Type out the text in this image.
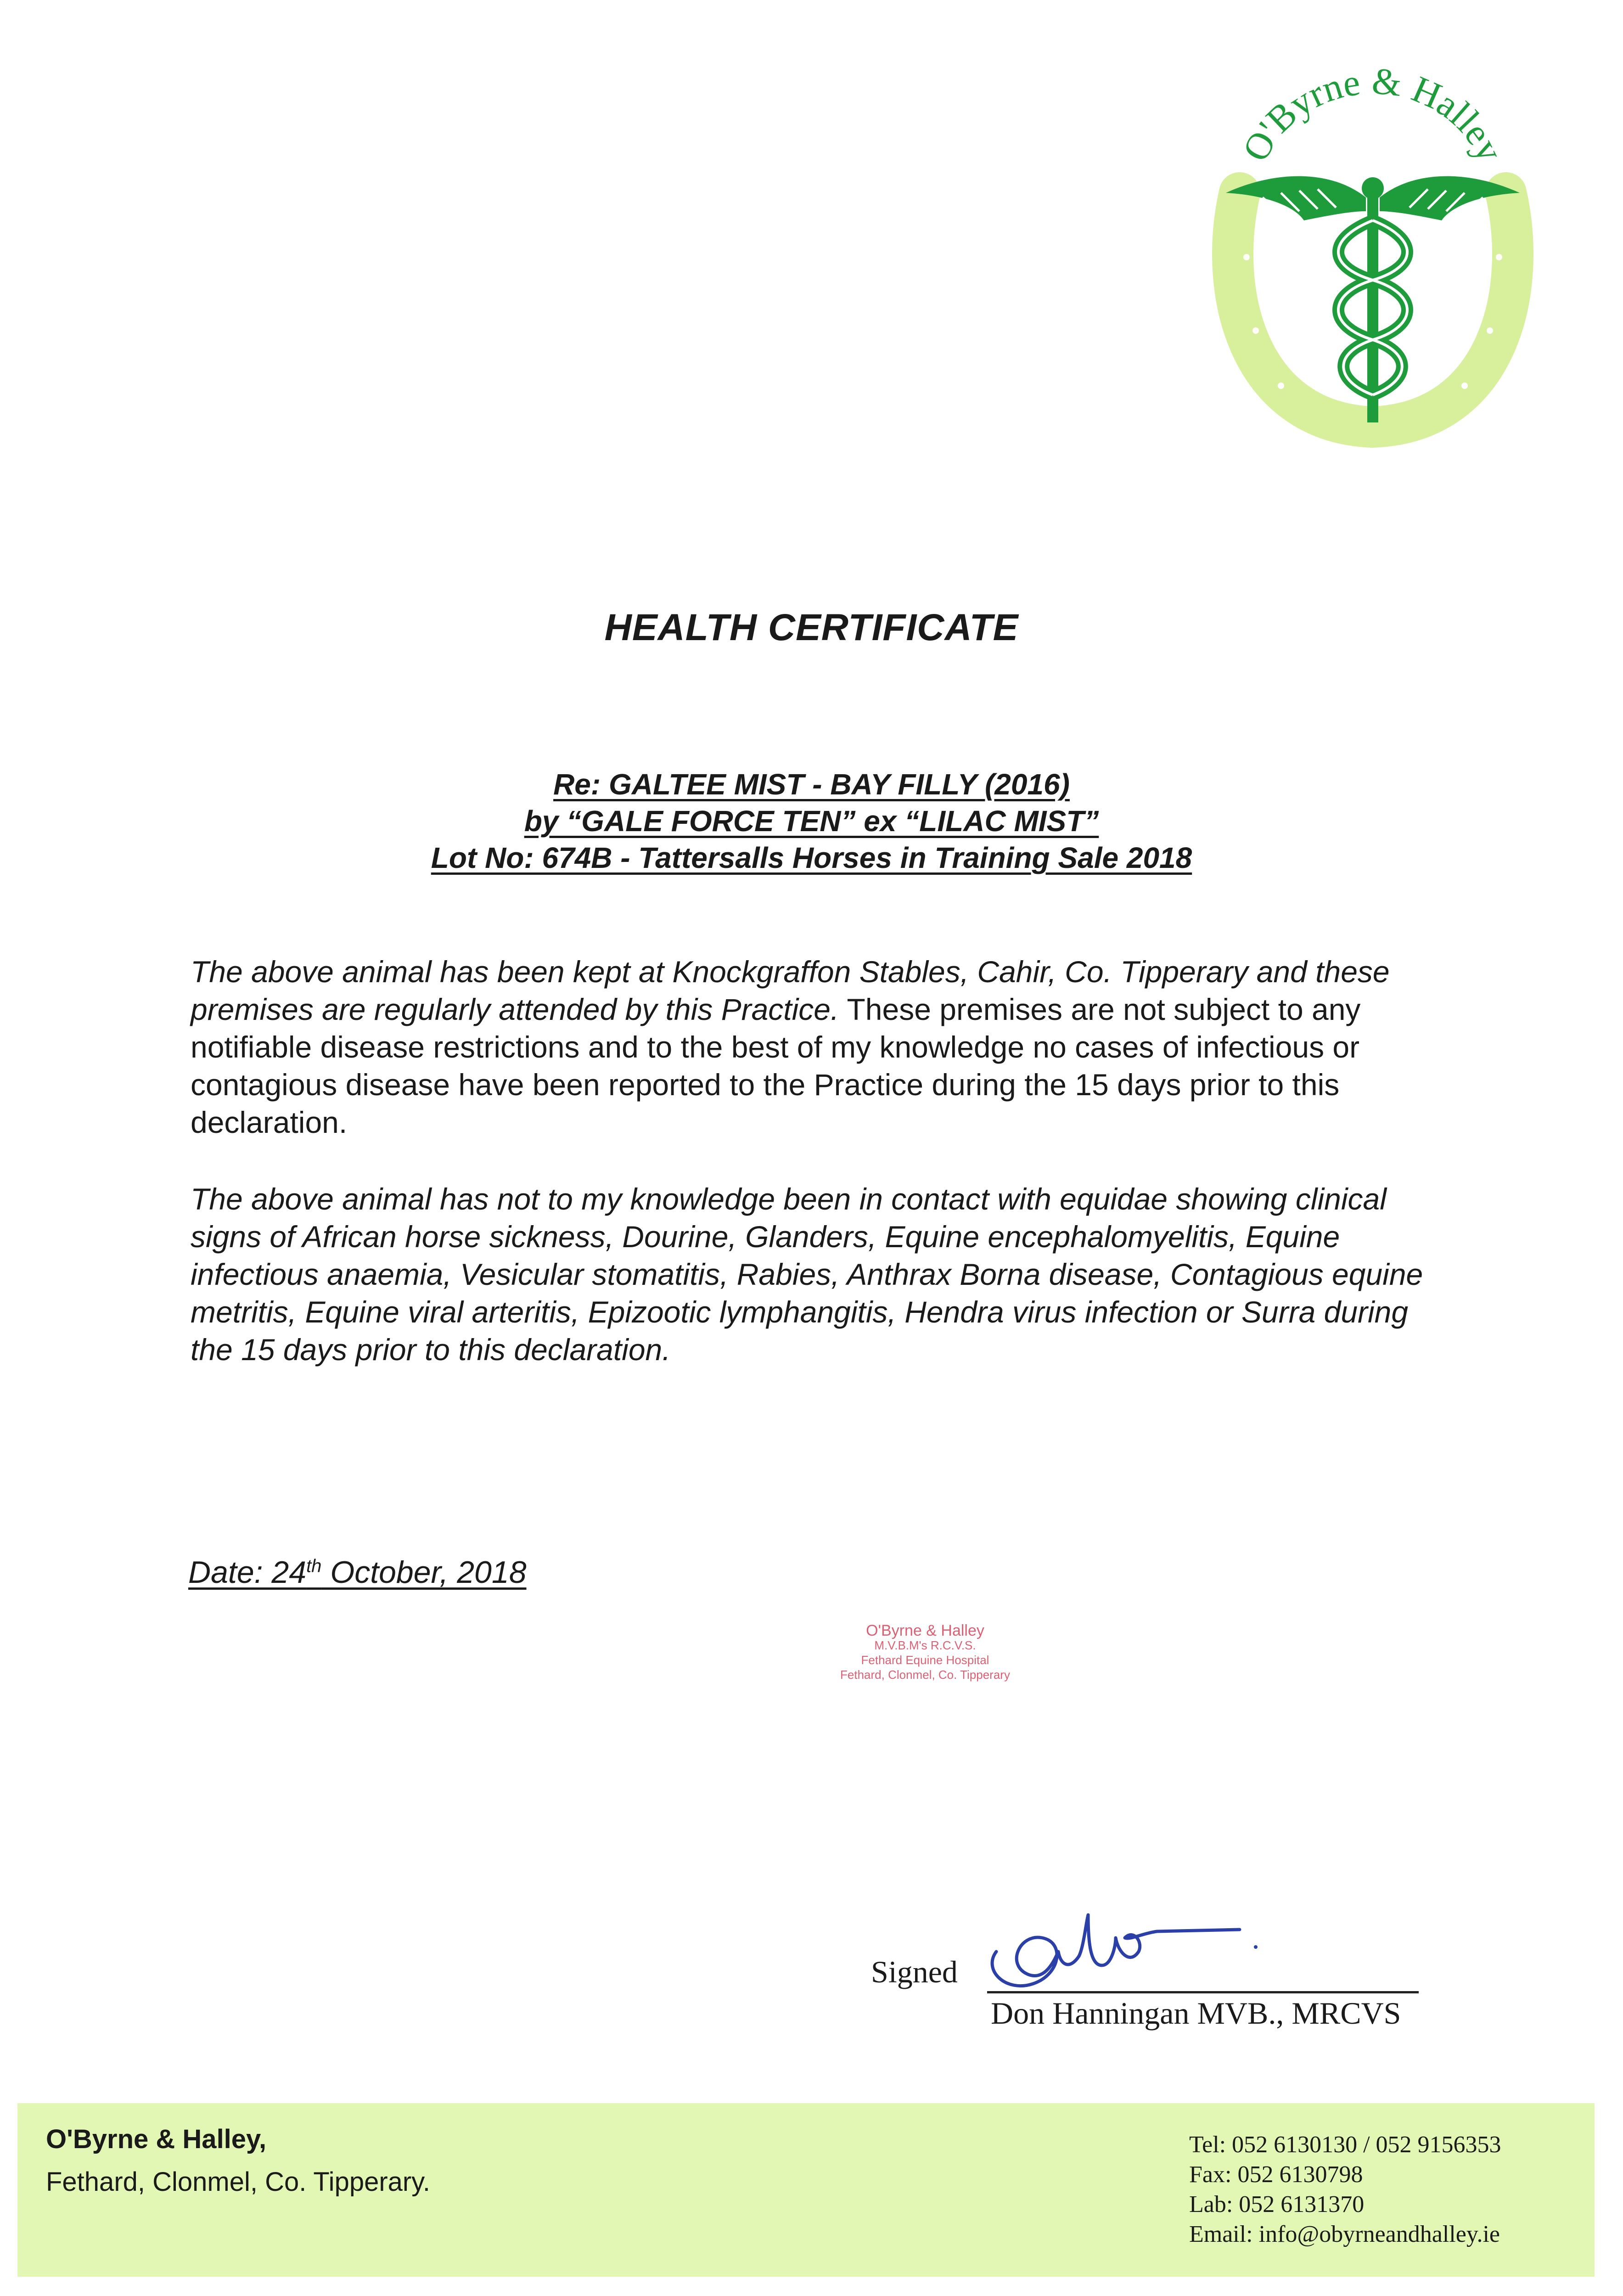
O'Byrne & Halley
HEALTH CERTIFICATE
Re: GALTEE MIST - BAY FILLY (2016)
by “GALE FORCE TEN” ex “LILAC MIST”
Lot No: 674B - Tattersalls Horses in Training Sale 2018
The above animal has been kept at Knockgraffon Stables, Cahir, Co. Tipperary and these premises are regularly attended by this Practice. These premises are not subject to any notifiable disease restrictions and to the best of my knowledge no cases of infectious or contagious disease have been reported to the Practice during the 15 days prior to this declaration.
The above animal has not to my knowledge been in contact with equidae showing clinical signs of African horse sickness, Dourine, Glanders, Equine encephalomyelitis, Equine infectious anaemia, Vesicular stomatitis, Rabies, Anthrax Borna disease, Contagious equine metritis, Equine viral arteritis, Epizootic lymphangitis, Hendra virus infection or Surra during the 15 days prior to this declaration.
Date: 24th October, 2018
O'Byrne & Halley
M.V.B.M's R.C.V.S.
Fethard Equine Hospital
Fethard, Clonmel, Co. Tipperary
Signed
Don Hanningan MVB., MRCVS
O'Byrne & Halley,
Fethard, Clonmel, Co. Tipperary.
Tel: 052 6130130 / 052 9156353
Fax: 052 6130798
Lab: 052 6131370
Email: info@obyrneandhalley.ie
